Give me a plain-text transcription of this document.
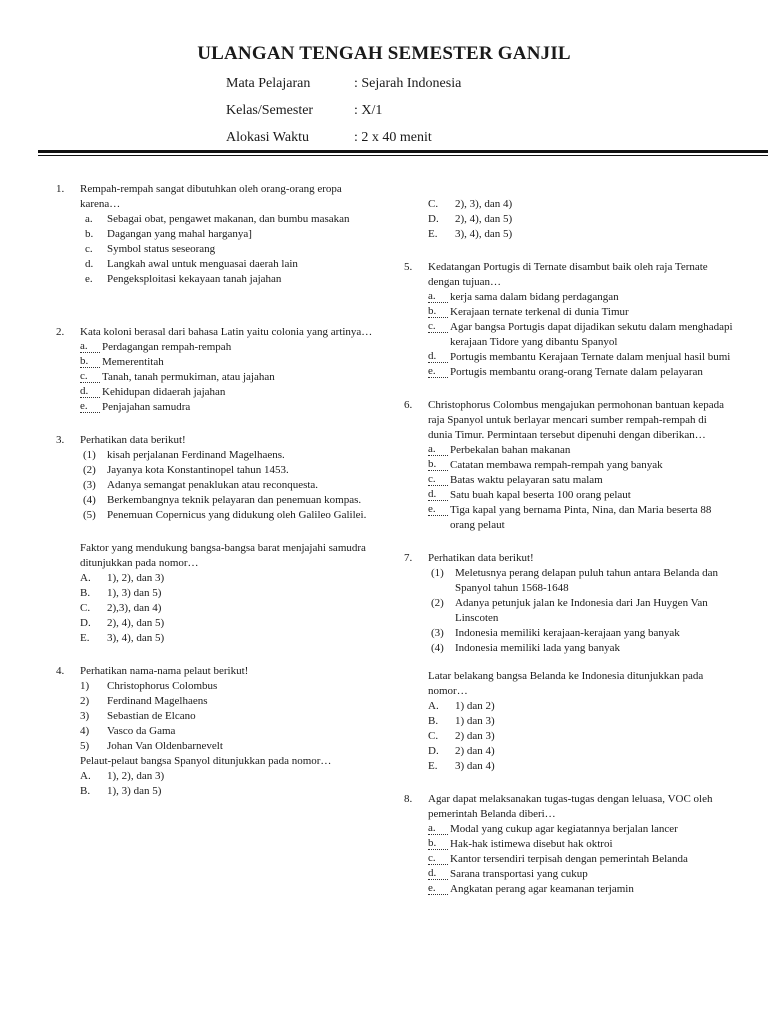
ULANGAN TENGAH SEMESTER GANJIL
Mata Pelajaran	: Sejarah Indonesia
Kelas/Semester	: X/1
Alokasi Waktu	: 2 x 40 menit
1. Rempah-rempah sangat dibutuhkan oleh orang-orang eropa karena…

a. Sebagai obat, pengawet makanan, dan bumbu masakan
b. Dagangan yang mahal harganya]
c. Symbol status seseorang
d. Langkah awal untuk menguasai daerah lain
e. Pengeksploitasi kekayaan tanah jajahan
2. Kata koloni berasal dari bahasa Latin yaitu colonia yang artinya…

a.	Perdagangan rempah-rempah
b.	Memerentitah
c.	Tanah, tanah permukiman, atau jajahan
d.	Kehidupan didaerah jajahan
e.	Penjajahan samudra
3. Perhatikan data berikut!

(1) kisah perjalanan Ferdinand Magelhaens.
(2) Jayanya kota Konstantinopel tahun 1453.
(3) Adanya semangat penaklukan atau reconquesta.
(4) Berkembangnya teknik pelayaran dan penemuan kompas.
(5) Penemuan Copernicus yang didukung oleh Galileo Galilei.

Faktor yang mendukung bangsa-bangsa barat menjajahi samudra ditunjukkan pada nomor…

A. 1), 2), dan 3)
B. 1), 3) dan 5)
C. 2),3), dan 4)
D. 2), 4), dan 5)
E. 3), 4), dan 5)
4. Perhatikan nama-nama pelaut berikut!

1) Christophorus Colombus
2) Ferdinand Magelhaens
3) Sebastian de Elcano
4) Vasco da Gama
5) Johan Van Oldenbarnevelt

Pelaut-pelaut bangsa Spanyol ditunjukkan pada nomor…

A. 1), 2), dan 3)
B. 1), 3) dan 5)
C. 2), 3), dan 4)
D. 2), 4), dan 5)
E. 3), 4), dan 5)
5. Kedatangan Portugis di Ternate disambut baik oleh raja Ternate dengan tujuan…

a.	kerja sama dalam bidang perdagangan
b.	Kerajaan ternate terkenal di dunia Timur
c.	Agar bangsa Portugis dapat dijadikan sekutu dalam menghadapi kerajaan Tidore yang dibantu Spanyol
d.	Portugis membantu Kerajaan Ternate dalam menjual hasil bumi
e.	Portugis membantu orang-orang Ternate dalam pelayaran
6. Christophorus Colombus mengajukan permohonan bantuan kepada raja Spanyol untuk berlayar mencari sumber rempah-rempah di dunia Timur. Permintaan tersebut dipenuhi dengan diberikan…

a.	Perbekalan bahan makanan
b.	Catatan membawa rempah-rempah yang banyak
c.	Batas waktu pelayaran satu malam
d.	Satu buah kapal beserta 100 orang pelaut
e.	Tiga kapal yang bernama Pinta, Nina, dan Maria beserta 88 orang pelaut
7. Perhatikan data berikut!

(1) Meletusnya perang delapan puluh tahun antara Belanda dan Spanyol tahun 1568-1648
(2) Adanya petunjuk jalan ke Indonesia dari Jan Huygen Van Linscoten
(3) Indonesia memiliki kerajaan-kerajaan yang banyak
(4) Indonesia memiliki lada yang banyak

Latar belakang bangsa Belanda ke Indonesia ditunjukkan pada nomor…

A. 1) dan 2)
B. 1) dan 3)
C. 2) dan 3)
D. 2) dan 4)
E. 3) dan 4)
8. Agar dapat melaksanakan tugas-tugas dengan leluasa, VOC oleh pemerintah Belanda diberi…

a.	Modal yang cukup agar kegiatannya berjalan lancer
b.	Hak-hak istimewa disebut hak oktroi
c.	Kantor tersendiri terpisah dengan pemerintah Belanda
d.	Sarana transportasi yang cukup
e.	Angkatan perang agar keamanan terjamin
